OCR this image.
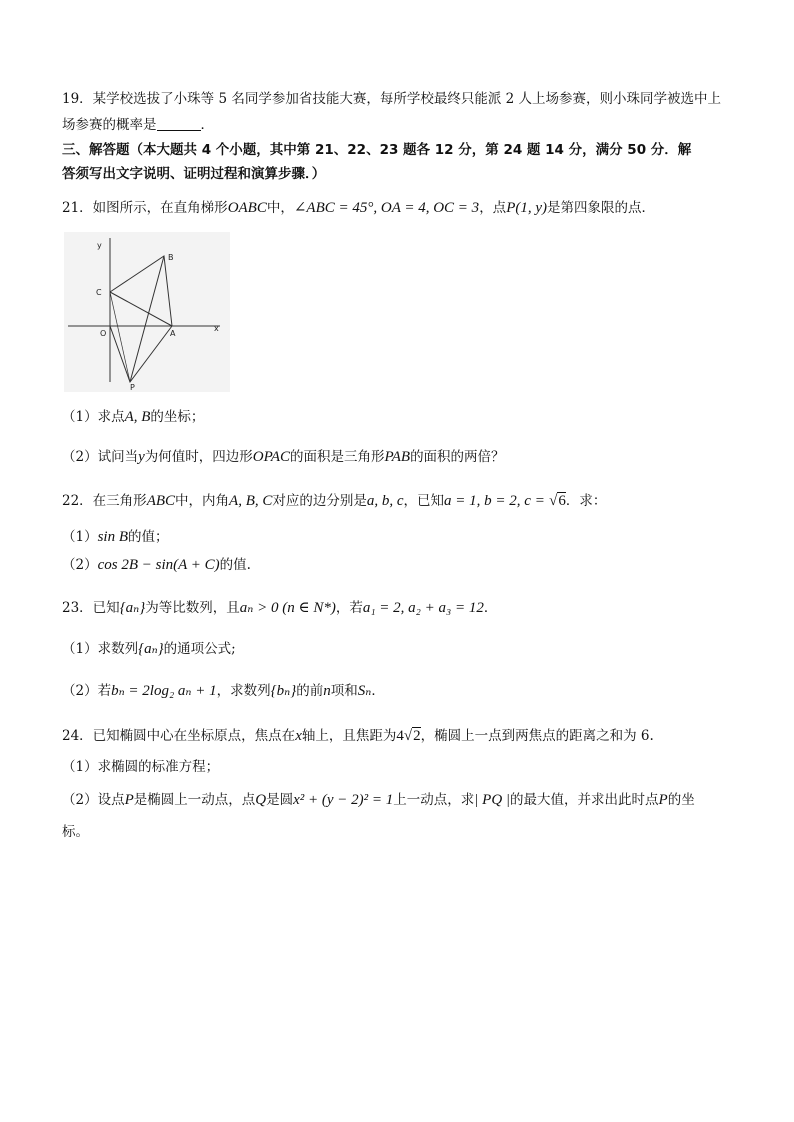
19．某学校选拔了小珠等 5 名同学参加省技能大赛，每所学校最终只能派 2 人上场参赛，则小珠同学被选中上
场参赛的概率是	．
三、解答题（本大题共 4 个小题，其中第 21、22、23 题各 12 分，第 24 题 14 分，满分 50 分．解
答须写出文字说明、证明过程和演算步骤．）
21．如图所示，在直角梯形OABC中，∠ABC = 45°, OA = 4, OC = 3，点P(1, y)是第四象限的点．
y
x
O	A
B
C
P
（1）求点A, B的坐标；
（2）试问当y为何值时，四边形OPAC的面积是三角形PAB的面积的两倍？
22．在三角形ABC中，内角A, B, C对应的边分别是a, b, c，已知a = 1, b = 2, c = √6．求：
（1）sin B的值；
（2）cos 2B − sin(A + C)的值.
23．已知{aₙ}为等比数列，且aₙ > 0 (n ∈ N*)，若a₁ = 2, a₂ + a₃ = 12．
（1）求数列{aₙ}的通项公式;
（2）若bₙ = 2log₂ aₙ + 1，求数列{bₙ}的前n项和Sₙ．
24．已知椭圆中心在坐标原点，焦点在x轴上，且焦距为4√2，椭圆上一点到两焦点的距离之和为 6.
（1）求椭圆的标准方程；
（2）设点P是椭圆上一动点，点Q是圆x² + (y − 2)² = 1上一动点，求| PQ |的最大值，并求出此时点P的坐
标。
